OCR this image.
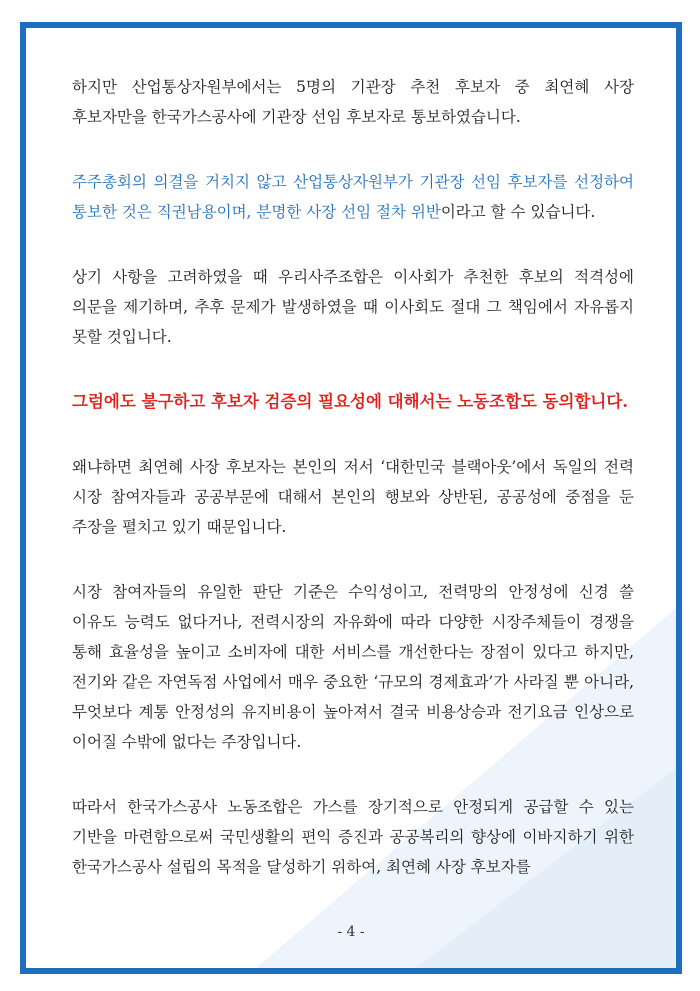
하지만 산업통상자원부에서는 5명의 기관장 추천 후보자 중 최연혜 사장 후보자만을 한국가스공사에 기관장 선임 후보자로 통보하였습니다.

주주총회의 의결을 거치지 않고 산업통상자원부가 기관장 선임 후보자를 선정하여 통보한 것은 직권남용이며, 분명한 사장 선임 절차 위반이라고 할 수 있습니다.

상기 사항을 고려하였을 때 우리사주조합은 이사회가 추천한 후보의 적격성에 의문을 제기하며, 추후 문제가 발생하였을 때 이사회도 절대 그 책임에서 자유롭지 못할 것입니다.

그럼에도 불구하고 후보자 검증의 필요성에 대해서는 노동조합도 동의합니다.

왜냐하면 최연혜 사장 후보자는 본인의 저서 ‘대한민국 블랙아웃’에서 독일의 전력 시장 참여자들과 공공부문에 대해서 본인의 행보와 상반된, 공공성에 중점을 둔 주장을 펼치고 있기 때문입니다.

시장 참여자들의 유일한 판단 기준은 수익성이고, 전력망의 안정성에 신경 쓸 이유도 능력도 없다거나, 전력시장의 자유화에 따라 다양한 시장주체들이 경쟁을 통해 효율성을 높이고 소비자에 대한 서비스를 개선한다는 장점이 있다고 하지만, 전기와 같은 자연독점 사업에서 매우 중요한 ‘규모의 경제효과’가 사라질 뿐 아니라, 무엇보다 계통 안정성의 유지비용이 높아져서 결국 비용상승과 전기요금 인상으로 이어질 수밖에 없다는 주장입니다.

따라서 한국가스공사 노동조합은 가스를 장기적으로 안정되게 공급할 수 있는 기반을 마련함으로써 국민생활의 편익 증진과 공공복리의 향상에 이바지하기 위한 한국가스공사 설립의 목적을 달성하기 위하여, 최연혜 사장 후보자를

- 4 -
